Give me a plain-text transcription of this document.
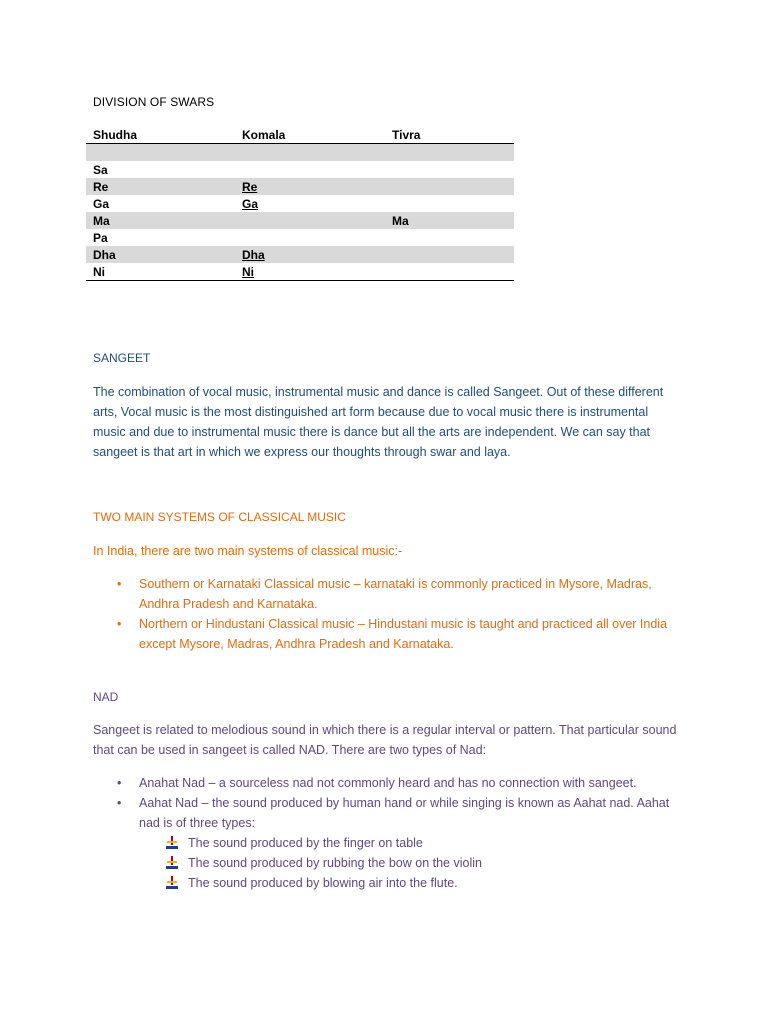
DIVISION OF SWARS
Shudha	Komala	Tivra

Sa		
Re	Re	
Ga	Ga	
Ma		Ma
Pa		
Dha	Dha	
Ni	Ni	
SANGEET
The combination of vocal music, instrumental music and dance is called Sangeet. Out of these different arts, Vocal music is the most distinguished art form because due to vocal music there is instrumental music and due to instrumental music there is dance but all the arts are independent. We can say that sangeet is that art in which we express our thoughts through swar and laya.
TWO MAIN SYSTEMS OF CLASSICAL MUSIC
In India, there are two main systems of classical music:-
• Southern or Karnataki Classical music – karnataki is commonly practiced in Mysore, Madras, Andhra Pradesh and Karnataka.
• Northern or Hindustani Classical music – Hindustani music is taught and practiced all over India except Mysore, Madras, Andhra Pradesh and Karnataka.
NAD
Sangeet is related to melodious sound in which there is a regular interval or pattern. That particular sound that can be used in sangeet is called NAD. There are two types of Nad:
• Anahat Nad – a sourceless nad not commonly heard and has no connection with sangeet.
• Aahat Nad – the sound produced by human hand or while singing is known as Aahat nad. Aahat nad is of three types:
The sound produced by the finger on table
The sound produced by rubbing the bow on the violin
The sound produced by blowing air into the flute.
